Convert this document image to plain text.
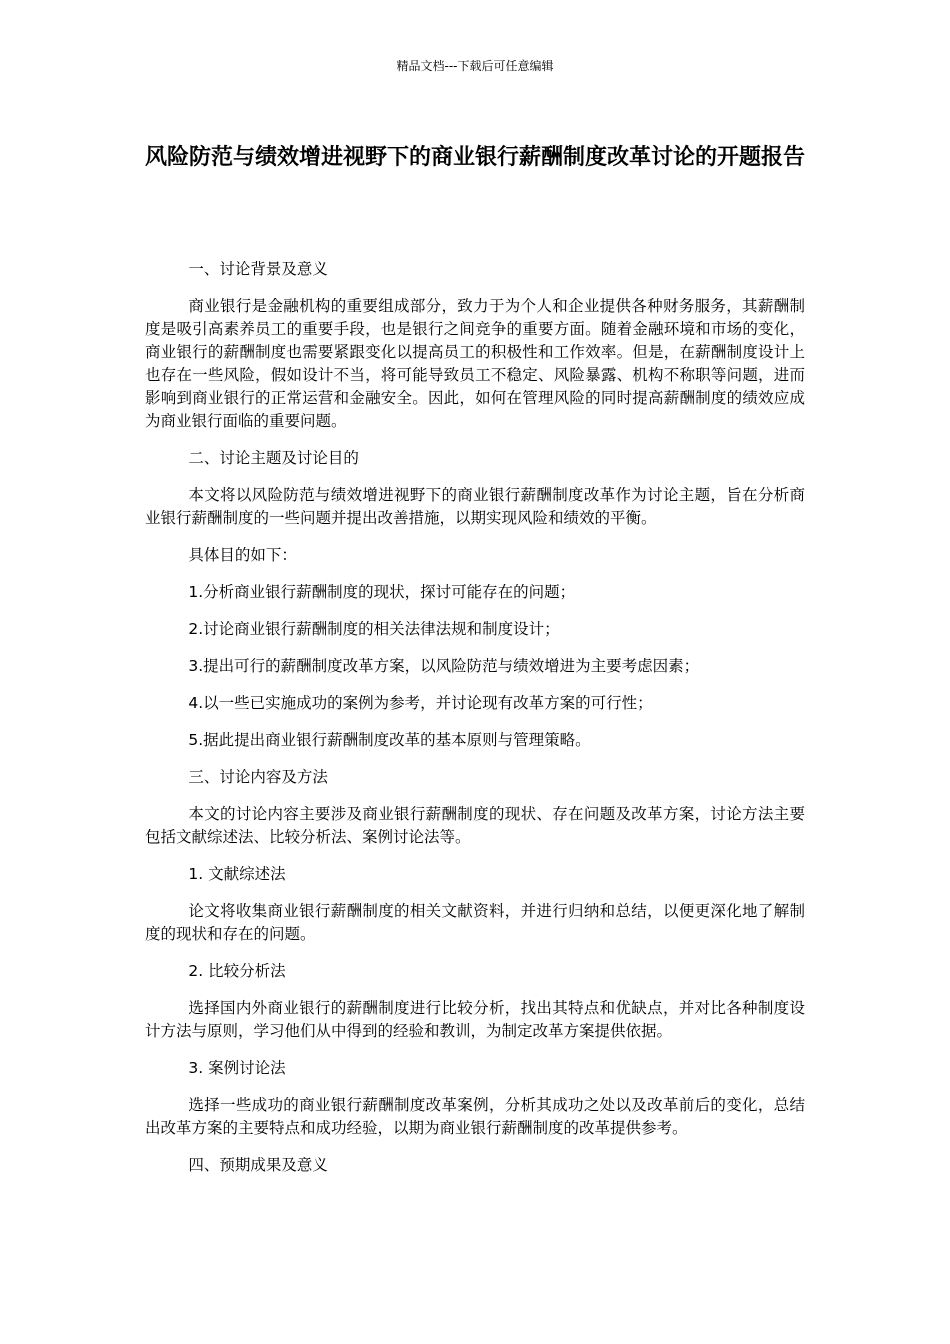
精品文档---下载后可任意编辑
风险防范与绩效增进视野下的商业银行薪酬制度改革讨论的开题报告

一、讨论背景及意义

商业银行是金融机构的重要组成部分，致力于为个人和企业提供各种财务服务，其薪酬制度是吸引高素养员工的重要手段，也是银行之间竞争的重要方面。随着金融环境和市场的变化，商业银行的薪酬制度也需要紧跟变化以提高员工的积极性和工作效率。但是，在薪酬制度设计上也存在一些风险，假如设计不当，将可能导致员工不稳定、风险暴露、机构不称职等问题，进而影响到商业银行的正常运营和金融安全。因此，如何在管理风险的同时提高薪酬制度的绩效应成为商业银行面临的重要问题。

二、讨论主题及讨论目的

本文将以风险防范与绩效增进视野下的商业银行薪酬制度改革作为讨论主题，旨在分析商业银行薪酬制度的一些问题并提出改善措施，以期实现风险和绩效的平衡。

具体目的如下：

1.分析商业银行薪酬制度的现状，探讨可能存在的问题；

2.讨论商业银行薪酬制度的相关法律法规和制度设计；

3.提出可行的薪酬制度改革方案，以风险防范与绩效增进为主要考虑因素；

4.以一些已实施成功的案例为参考，并讨论现有改革方案的可行性；

5.据此提出商业银行薪酬制度改革的基本原则与管理策略。

三、讨论内容及方法

本文的讨论内容主要涉及商业银行薪酬制度的现状、存在问题及改革方案，讨论方法主要包括文献综述法、比较分析法、案例讨论法等。

1. 文献综述法

论文将收集商业银行薪酬制度的相关文献资料，并进行归纳和总结，以便更深化地了解制度的现状和存在的问题。

2. 比较分析法

选择国内外商业银行的薪酬制度进行比较分析，找出其特点和优缺点，并对比各种制度设计方法与原则，学习他们从中得到的经验和教训，为制定改革方案提供依据。

3. 案例讨论法

选择一些成功的商业银行薪酬制度改革案例，分析其成功之处以及改革前后的变化，总结出改革方案的主要特点和成功经验，以期为商业银行薪酬制度的改革提供参考。

四、预期成果及意义
